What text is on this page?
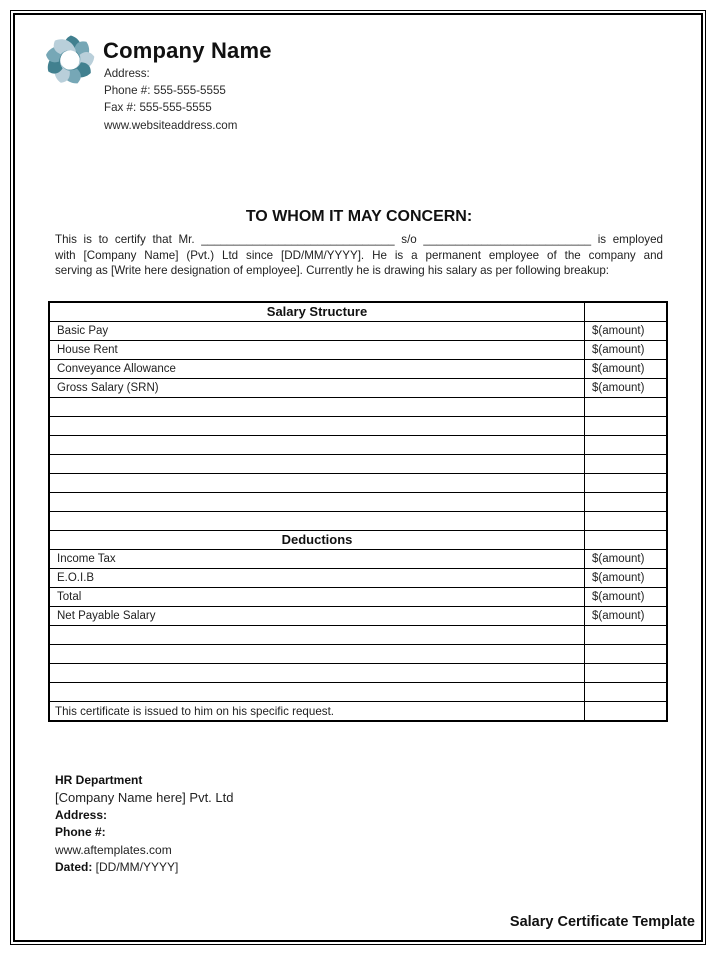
Company Name
Address:
Phone #: 555-555-5555
Fax #: 555-555-5555
www.websiteaddress.com
TO WHOM IT MAY CONCERN:
This is to certify that Mr. ______________________________ s/o __________________________ is employed
with [Company Name] (Pvt.) Ltd since [DD/MM/YYYY]. He is a permanent employee of the company and
serving as [Write here designation of employee]. Currently he is drawing his salary as per following breakup:
Salary Structure	
Basic Pay	$(amount)
House Rent	$(amount)
Conveyance Allowance	$(amount)
Gross Salary (SRN)	$(amount)

Deductions	
Income Tax	$(amount)
E.O.I.B	$(amount)
Total	$(amount)
Net Payable Salary	$(amount)

This certificate is issued to him on his specific request.
HR Department
[Company Name here] Pvt. Ltd
Address:
Phone #:
www.aftemplates.com
Dated: [DD/MM/YYYY]
Salary Certificate Template
